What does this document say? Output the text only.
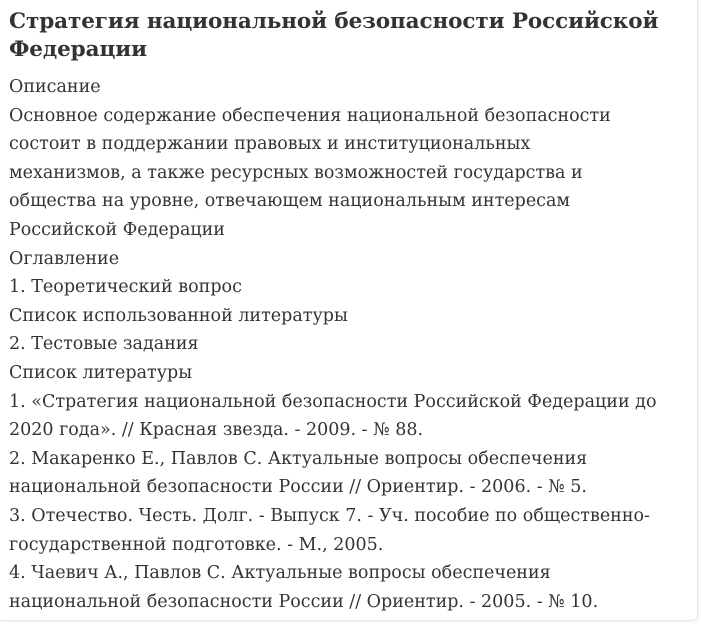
Стратегия национальной безопасности Российской
Федерации
Описание
Основное содержание обеспечения национальной безопасности
состоит в поддержании правовых и институциональных
механизмов, а также ресурсных возможностей государства и
общества на уровне, отвечающем национальным интересам
Российской Федерации
Оглавление
1. Теоретический вопрос
Список использованной литературы
2. Тестовые задания
Список литературы
1. «Стратегия национальной безопасности Российской Федерации до
2020 года». // Красная звезда. - 2009. - № 88.
2. Макаренко Е., Павлов С. Актуальные вопросы обеспечения
национальной безопасности России // Ориентир. - 2006. - № 5.
3. Отечество. Честь. Долг. - Выпуск 7. - Уч. пособие по общественно-
государственной подготовке. - М., 2005.
4. Чаевич А., Павлов С. Актуальные вопросы обеспечения
национальной безопасности России // Ориентир. - 2005. - № 10.
